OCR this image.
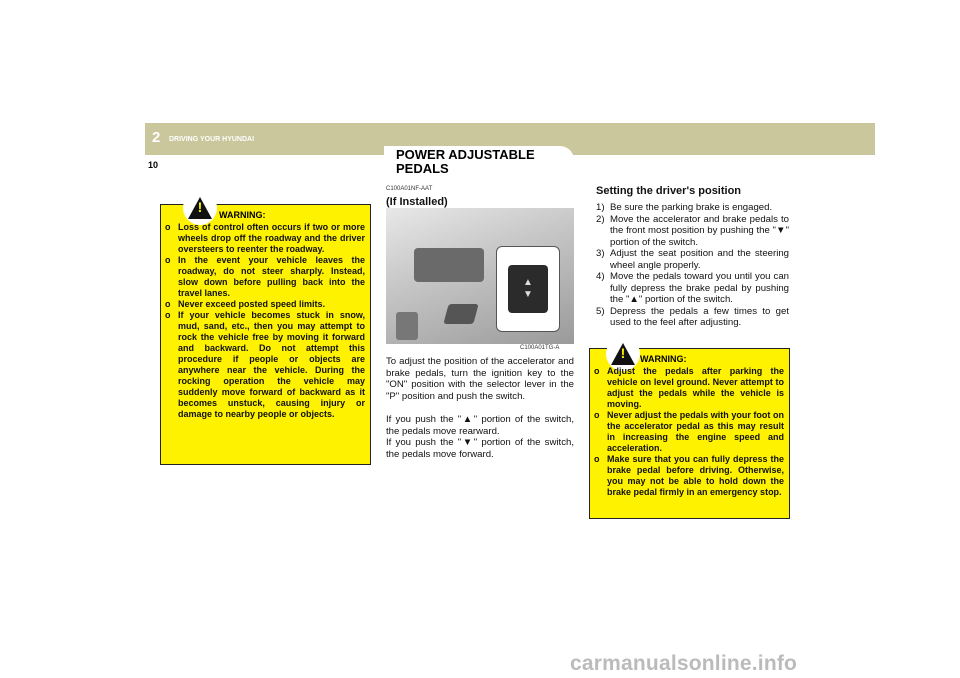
2 DRIVING YOUR HYUNDAI
10
POWER ADJUSTABLE
PEDALS
!	WARNING:
o Loss of control often occurs if two or more wheels drop off the roadway and the driver oversteers to reenter the roadway.
o In the event your vehicle leaves the roadway, do not steer sharply. Instead, slow down before pulling back into the travel lanes.
o Never exceed posted speed limits.
o If your vehicle becomes stuck in snow, mud, sand, etc., then you may attempt to rock the vehicle free by moving it forward and backward. Do not attempt this procedure if people or objects are anywhere near the vehicle. During the rocking operation the vehicle may suddenly move forward of backward as it becomes unstuck, causing injury or damage to nearby people or objects.
C100A01NF-AAT
(If Installed)
▲
▼
C100A01TG-A

To adjust the position of the accelerator and brake pedals, turn the ignition key to the "ON" position with the selector lever in the "P" position and push the switch.

If you push the "▲" portion of the switch, the pedals move rearward.

If you push the "▼" portion of the switch, the pedals move forward.

Setting the driver's position
1) Be sure the parking brake is engaged.
2) Move the accelerator and brake pedals to the front most position by pushing the "▼" portion of the switch.
3) Adjust the seat position and the steering wheel angle properly.
4) Move the pedals toward you until you can fully depress the brake pedal by pushing the "▲" portion of the switch.
5) Depress the pedals a few times to get used to the feel after adjusting.
!	WARNING:
o Adjust the pedals after parking the vehicle on level ground. Never attempt to adjust the pedals while the vehicle is moving.
o Never adjust the pedals with your foot on the accelerator pedal as this may result in increasing the engine speed and acceleration.
o Make sure that you can fully depress the brake pedal before driving. Otherwise, you may not be able to hold down the brake pedal firmly in an emergency stop.
carmanualsonline.info
